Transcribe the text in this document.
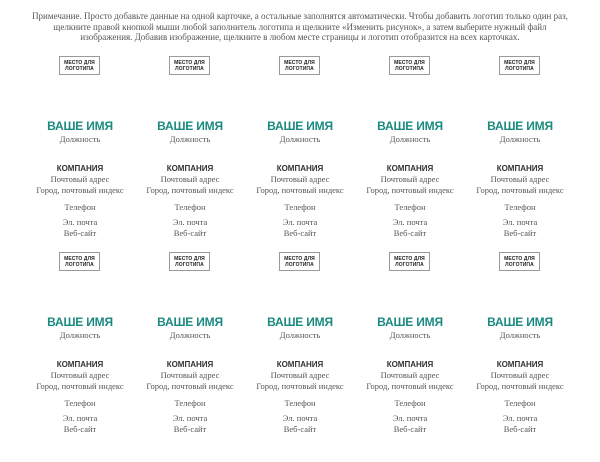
Примечание. Просто добавьте данные на одной карточке, а остальные заполнятся автоматически. Чтобы добавить логотип только один раз, щелкните правой кнопкой мыши любой заполнитель логотипа и щелкните «Изменить рисунок», а затем выберите нужный файл изображения. Добавив изображение, щелкните в любом месте страницы и логотип отобразится на всех карточках.

МЕСТО ДЛЯ
ЛОГОТИПА
ВАШЕ ИМЯ
Должность
КОМПАНИЯ
Почтовый адрес
Город, почтовый индекс
Телефон
Эл. почта
Веб-сайт
МЕСТО ДЛЯ
ЛОГОТИПА
ВАШЕ ИМЯ
Должность
КОМПАНИЯ
Почтовый адрес
Город, почтовый индекс
Телефон
Эл. почта
Веб-сайт
МЕСТО ДЛЯ
ЛОГОТИПА
ВАШЕ ИМЯ
Должность
КОМПАНИЯ
Почтовый адрес
Город, почтовый индекс
Телефон
Эл. почта
Веб-сайт
МЕСТО ДЛЯ
ЛОГОТИПА
ВАШЕ ИМЯ
Должность
КОМПАНИЯ
Почтовый адрес
Город, почтовый индекс
Телефон
Эл. почта
Веб-сайт
МЕСТО ДЛЯ
ЛОГОТИПА
ВАШЕ ИМЯ
Должность
КОМПАНИЯ
Почтовый адрес
Город, почтовый индекс
Телефон
Эл. почта
Веб-сайт
МЕСТО ДЛЯ
ЛОГОТИПА
ВАШЕ ИМЯ
Должность
КОМПАНИЯ
Почтовый адрес
Город, почтовый индекс
Телефон
Эл. почта
Веб-сайт
МЕСТО ДЛЯ
ЛОГОТИПА
ВАШЕ ИМЯ
Должность
КОМПАНИЯ
Почтовый адрес
Город, почтовый индекс
Телефон
Эл. почта
Веб-сайт
МЕСТО ДЛЯ
ЛОГОТИПА
ВАШЕ ИМЯ
Должность
КОМПАНИЯ
Почтовый адрес
Город, почтовый индекс
Телефон
Эл. почта
Веб-сайт
МЕСТО ДЛЯ
ЛОГОТИПА
ВАШЕ ИМЯ
Должность
КОМПАНИЯ
Почтовый адрес
Город, почтовый индекс
Телефон
Эл. почта
Веб-сайт
МЕСТО ДЛЯ
ЛОГОТИПА
ВАШЕ ИМЯ
Должность
КОМПАНИЯ
Почтовый адрес
Город, почтовый индекс
Телефон
Эл. почта
Веб-сайт
